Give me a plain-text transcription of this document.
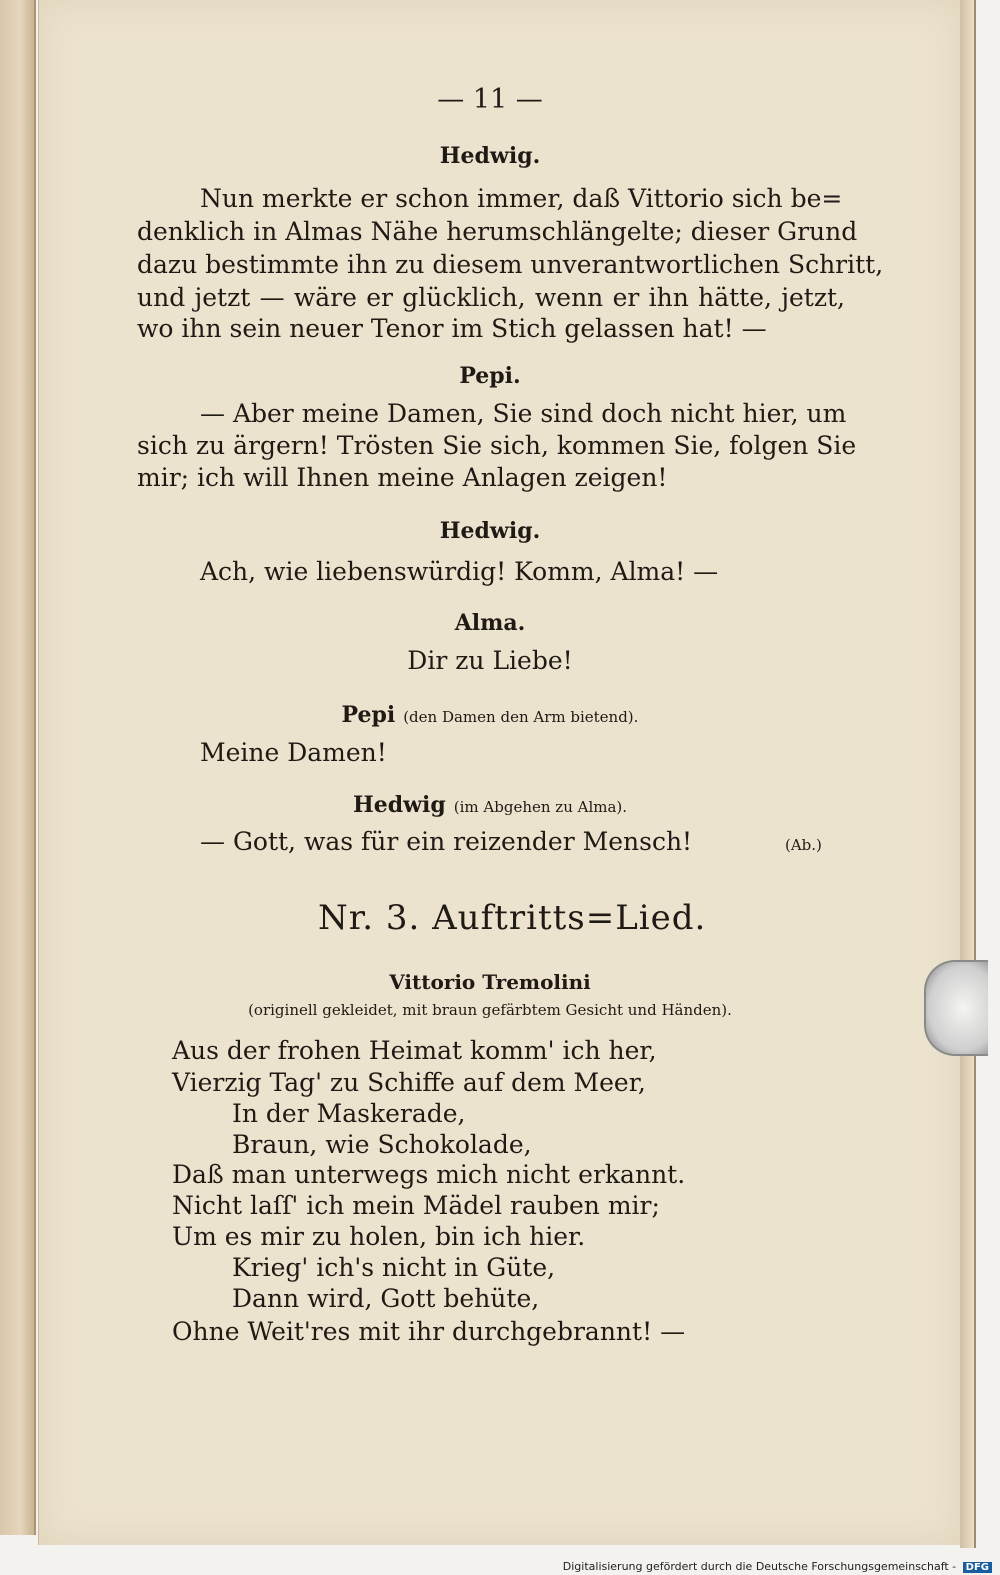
— 11 —
Hedwig.
Nun merkte er schon immer, daß Vittorio sich be=
denklich in Almas Nähe herumschlängelte; dieser Grund
dazu bestimmte ihn zu diesem unverantwortlichen Schritt,
und jetzt — wäre er glücklich, wenn er ihn hätte, jetzt,
wo ihn sein neuer Tenor im Stich gelassen hat! —
Pepi.
— Aber meine Damen, Sie sind doch nicht hier, um
sich zu ärgern! Trösten Sie sich, kommen Sie, folgen Sie
mir; ich will Ihnen meine Anlagen zeigen!
Hedwig.
Ach, wie liebenswürdig! Komm, Alma! —
Alma.
Dir zu Liebe!
Pepi (den Damen den Arm bietend).
Meine Damen!
Hedwig (im Abgehen zu Alma).
— Gott, was für ein reizender Mensch!	(Ab.)
Nr. 3. Auftritts=Lied.
Vittorio Tremolini
(originell gekleidet, mit braun gefärbtem Gesicht und Händen).
Aus der frohen Heimat komm' ich her,
Vierzig Tag' zu Schiffe auf dem Meer,
In der Maskerade,
Braun, wie Schokolade,
Daß man unterwegs mich nicht erkannt.
Nicht laſſ' ich mein Mädel rauben mir;
Um es mir zu holen, bin ich hier.
Krieg' ich's nicht in Güte,
Dann wird, Gott behüte,
Ohne Weit'res mit ihr durchgebrannt! —
Digitalisierung gefördert durch die Deutsche Forschungsgemeinschaft - DFG
